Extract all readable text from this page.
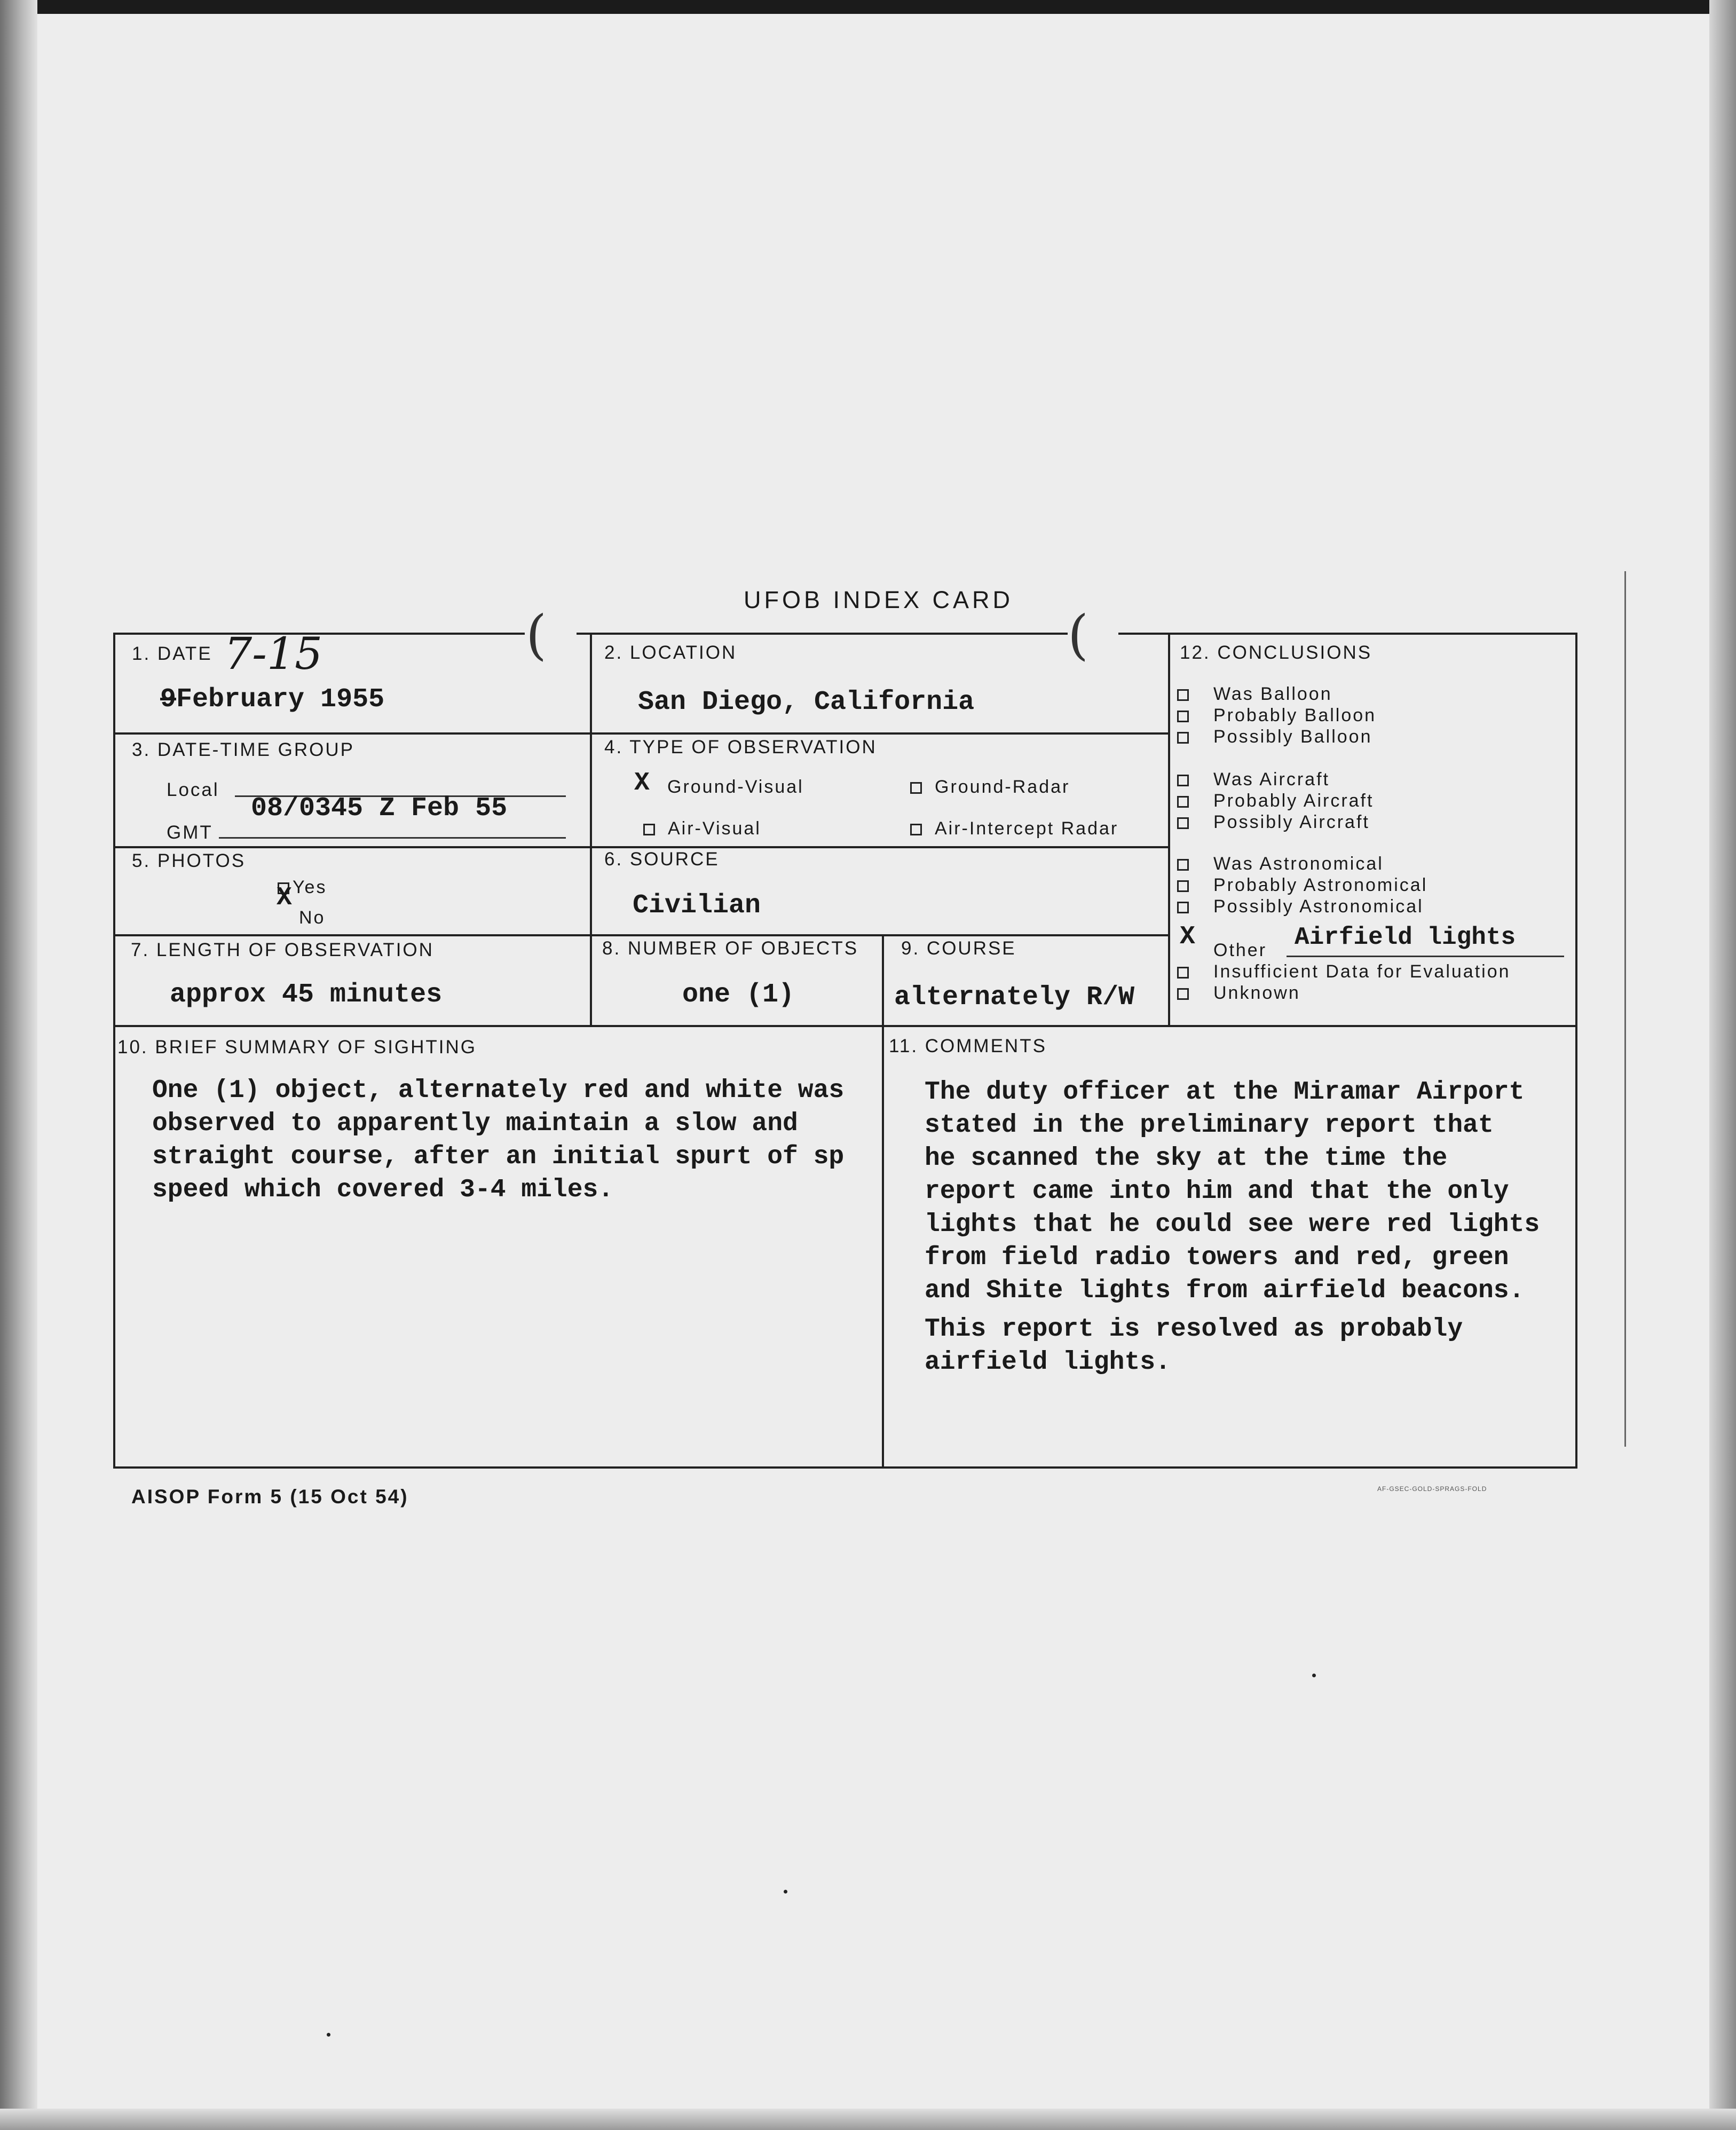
UFOB INDEX CARD
(	(
1. DATE 7-15
9February 1955
2. LOCATION
San Diego, California
3. DATE-TIME GROUP
Local
08/0345 Z Feb 55
GMT
4. TYPE OF OBSERVATION
X Ground-Visual	Ground-Radar
Air-Visual	Air-Intercept Radar
5. PHOTOS
Yes
X
No
6. SOURCE
Civilian
7. LENGTH OF OBSERVATION
approx 45 minutes
8. NUMBER OF OBJECTS
one (1)
9. COURSE
alternately R/W
12. CONCLUSIONS
Was Balloon
Probably Balloon
Possibly Balloon
Was Aircraft
Probably Aircraft
Possibly Aircraft
Was Astronomical
Probably Astronomical
Possibly Astronomical
X	Other Airfield lights
Insufficient Data for Evaluation
Unknown
10. BRIEF SUMMARY OF SIGHTING
One (1) object, alternately red and white was
observed to apparently maintain a slow and
straight course, after an initial spurt of sp
speed which covered 3-4 miles.
11. COMMENTS
The duty officer at the Miramar Airport
stated in the preliminary report that
he scanned the sky at the time the
report came into him and that the only
lights that he could see were red lights
from field radio towers and red, green
and Shite lights from airfield beacons.
This report is resolved as probably
airfield lights.
AISOP Form 5 (15 Oct 54)	AF-GSEC-GOLD-SPRAGS-FOLD
